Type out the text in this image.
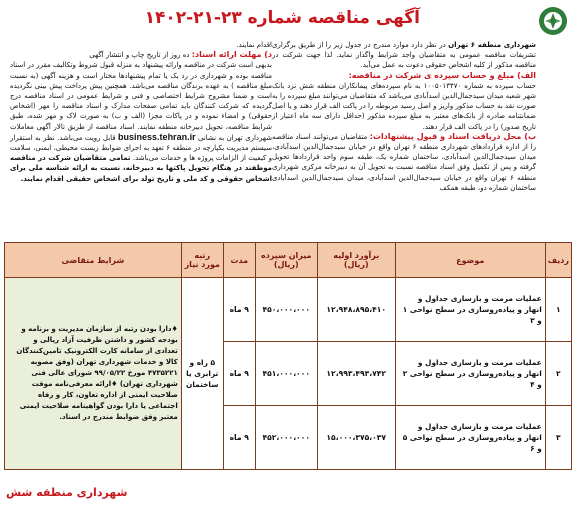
آگهی مناقصه شماره ۲۳-۲۱-۱۴۰۲

شهرداری منطقه ۶ تهران در نظر دارد موارد مندرج در جدول زیر را از طریق برگزاری تشریفات مناقصه عمومی به متقاضیان واجد شرایط واگذار نماید. لذا جهت شرکت در مناقصه مذکور از کلیه اشخاص حقوقی دعوت به عمل می‌آید.

الف) مبلغ و حساب سپرده ی شرکت در مناقصه:

حساب سپرده به شماره ۱۰۰۵۰۱۳۴۷۰ به نام سپرده‌های پیمانکاران منطقه شش نزد بانک شهر شعبه میدان سیدجمال‌الدین اسدآبادی می‌باشد که متقاضیان می‌توانند مبلغ سپرده را به صورت نقد به حساب مذکور واریز و اصل رسید مربوطه را در پاکت الف قرار دهند و یا اصل ضمانتنامه صادره از بانک‌های معتبر به مبلغ سپرده مذکور (حداقل دارای سه ماه اعتبار از تاریخ صدور) را در پاکت الف قرار دهند.

ب) محل دریافت اسناد و قبول پیشنهادات: متقاضیان می‌توانند اسناد مناقصه را از اداره قراردادهای شهرداری منطقه ۶ تهران واقع در خیابان سیدجمال‌الدین اسدآبادی، میدان سیدجمال‌الدین اسدآبادی، ساختمان شماره یک، طبقه سوم واحد قراردادها تحویل گرفته و پس از تکمیل وفق اسناد مناقصه نسبت به تحویل آن به دبیرخانه مرکزی شهرداری منطقه ۶ تهران واقع در خیابان سیدجمال‌الدین اسدآبادی، میدان سیدجمال‌الدین اسدآبادی ساختمان شماره دو، طبقه همکف

اقدام نمایند.

د) مهلت ارائه اسناد: ده روز از تاریخ چاپ و انتشار آگهی

بدیهی است شرکت در مناقصه وارائه پیشنهاد به منزله قبول شروط وتکالیف مقرر در اسناد مناقصه بوده و شهرداری در رد یک یا تمام پیشنهادها مختار است و هزینه آگهی (به نسبت مبلغ مناقصه ) به عهده برندگان مناقصه می‌باشد. همچنین پیش پرداخت پیش بینی نگردیده است و ضمنا مشروح شرایط اختصاصی و فنی و شرایط عمومی در اسناد مناقصه درج گردیده که شرکت کنندگان باید تمامی صفحات مدارک و اسناد مناقصه را مهر (اشخاص حقوقی) و امضاء نموده و در پاکات مجزا (الف و ب) به صورت لاک و مهر شده، طبق شرایط مناقصه، تحویل دبیرخانه منطقه نمایند. اسناد مناقصه از طریق تالار آگهی معاملات شهرداری تهران به نشانی business.tehran.ir قابل رویت می‌باشد. نظر به استقرار سیستم مدیریت یکپارچه در منطقه ۶ تعهد به اجرای ضوابط زیست محیطی، ایمنی، سلامت و کیفیت از الزامات پروژه ها و خدمات می‌باشد. تمامی متقاضیان شرکت در مناقصه موظفند در هنگام تحویل پاکتها به دبیرخانه، نسبت به ارائه شناسه ملی برای اشخاص حقوقی و کد ملی و تاریخ تولد برای اشخاص حقیقی اقدام نمایند.

ردیف	موضوع	برآورد اولیه (ریال)	میزان سپرده (ریال)	مدت	رتبه مورد نیاز	شرایط متقاضی
۱	عملیات مرمت و بازسازی جداول و انهار و پیاده‌روسازی در سطح نواحی ۱ و ۳	۱۲،۹۴۸،۸۹۵،۴۱۰	۴۵۰،۰۰۰،۰۰۰	۹ ماه	۵ راه و ترابری یا ساختمان	♦دارا بودن رتبه از سازمان مدیریت و برنامه و بودجه کشور و داشتن ظرفیت آزاد ریالی و تعدادی از سامانه کارت الکترونیک تامین‌کنندگان کالا و خدمات شهرداری تهران (وفق مصوبه ۴۷۳۵۲۲۱ مورخ ۹۹/۰۵/۲۲ شورای عالی فنی شهرداری تهران) ♦ارائه معرفی‌نامه موقت صلاحیت ایمنی از اداره تعاون، کار و رفاه اجتماعی یا دارا بودن گواهینامه صلاحیت ایمنی معتبر وفق ضوابط مندرج در اسناد.
۲	عملیات مرمت و بازسازی جداول و انهار و پیاده‌روسازی در سطح نواحی ۲ و ۴	۱۲،۹۹۳،۴۹۳،۷۴۲	۴۵۱،۰۰۰،۰۰۰	۹ ماه		
۳	عملیات مرمت و بازسازی جداول و انهار و پیاده‌روسازی در سطح نواحی ۵ و ۶	۱۵،۰۰۰،۳۷۵،۰۳۷	۴۵۲،۰۰۰،۰۰۰	۹ ماه		
شهرداری منطقه شش
